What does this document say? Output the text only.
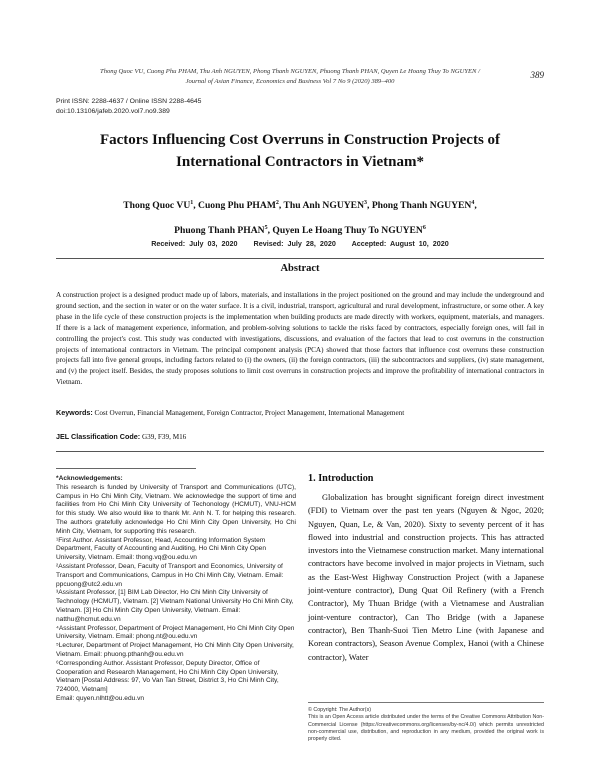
Thong Quoc VU, Cuong Phu PHAM, Thu Anh NGUYEN, Phong Thanh NGUYEN, Phuong Thanh PHAN, Quyen Le Hoang Thuy To NGUYEN /
Journal of Asian Finance, Economics and Business Vol 7 No 9 (2020) 389–400
389
Print ISSN: 2288-4637 / Online ISSN 2288-4645
doi:10.13106/jafeb.2020.vol7.no9.389
Factors Influencing Cost Overruns in Construction Projects of
International Contractors in Vietnam*
Thong Quoc $VU^1$, Cuong Phu PHAM$^2$, Thu Anh NGUYEN$^3$, Phong Thanh NGUYEN$^4$,
Phuong Thanh PHAN$^5$, Quyen Le Hoang Thuy To NGUYEN$^6$
Received: July 03, 2020 Revised: July 28, 2020 Accepted: August 10, 2020
Abstract
A construction project is a designed product made up of labors, materials, and installations in the project positioned on the ground and may include the underground and ground section, and the section in water or on the water surface. It is a civil, industrial, transport, agricultural and rural development, infrastructure, or some other. A key phase in the life cycle of these construction projects is the implementation when building products are made directly with workers, equipment, materials, and managers. If there is a lack of management experience, information, and problem-solving solutions to tackle the risks faced by contractors, especially foreign ones, will fail in controlling the project's cost. This study was conducted with investigations, discussions, and evaluation of the factors that lead to cost overruns in the construction projects of international contractors in Vietnam. The principal component analysis (PCA) showed that those factors that influence cost overruns these construction projects fall into five general groups, including factors related to (i) the owners, (ii) the foreign contractors, (iii) the subcontractors and suppliers, (iv) state management, and (v) the project itself. Besides, the study proposes solutions to limit cost overruns in construction projects and improve the profitability of international contractors in Vietnam.
Keywords: Cost Overrun, Financial Management, Foreign Contractor, Project Management, International Management
JEL Classification Code: G39, F39, M16

*Acknowledgements:

This research is funded by University of Transport and Communications (UTC), Campus in Ho Chi Minh City, Vietnam. We acknowledge the support of time and facilities from Ho Chi Minh City University of Techonology (HCMUT), VNU-HCM for this study. We also would like to thank Mr. Anh N. T. for helping this research. The authors gratefully acknowledge Ho Chi Minh City Open University, Ho Chi Minh City, Vietnam, for supporting this research.

¹First Author. Assistant Professor, Head, Accounting Information System Department, Faculty of Accounting and Auditing, Ho Chi Minh City Open University, Vietnam. Email: thong.vq@ou.edu.vn

²Assistant Professor, Dean, Faculty of Transport and Economics, University of Transport and Communications, Campus in Ho Chi Minh City, Vietnam. Email: ppcuong@utc2.edu.vn

³Assistant Professor, [1] BIM Lab Director, Ho Chi Minh City University of Technology (HCMUT), Vietnam. [2] Vietnam National University Ho Chi Minh City, Vietnam. [3] Ho Chi Minh City Open University, Vietnam. Email: natthu@hcmut.edu.vn

⁴Assistant Professor, Department of Project Management, Ho Chi Minh City Open University, Vietnam. Email: phong.nt@ou.edu.vn

⁵Lecturer, Department of Project Management, Ho Chi Minh City Open University, Vietnam. Email: phuong.pthanh@ou.edu.vn

⁶Corresponding Author. Assistant Professor, Deputy Director, Office of Cooperation and Research Management, Ho Chi Minh City Open University, Vietnam [Postal Address: 97, Vo Van Tan Street, District 3, Ho Chi Minh City, 724000, Vietnam]

Email: quyen.nlhtt@ou.edu.vn

1. Introduction
Globalization has brought significant foreign direct investment (FDI) to Vietnam over the past ten years (Nguyen & Ngoc, 2020; Nguyen, Quan, Le, & Van, 2020). Sixty to seventy percent of it has flowed into industrial and construction projects. This has attracted investors into the Vietnamese construction market. Many international contractors have become involved in major projects in Vietnam, such as the East-West Highway Construction Project (with a Japanese joint-venture contractor), Dung Quat Oil Refinery (with a French Contractor), My Thuan Bridge (with a Vietnamese and Australian joint-venture contractor), Can Tho Bridge (with a Japanese contractor), Ben Thanh-Suoi Tien Metro Line (with Japanese and Korean contractors), Season Avenue Complex, Hanoi (with a Chinese contractor), Water

© Copyright: The Author(s)

This is an Open Access article distributed under the terms of the Creative Commons Attribution Non-Commercial License (https://creativecommons.org/licenses/by-nc/4.0/) which permits unrestricted non-commercial use, distribution, and reproduction in any medium, provided the original work is properly cited.
